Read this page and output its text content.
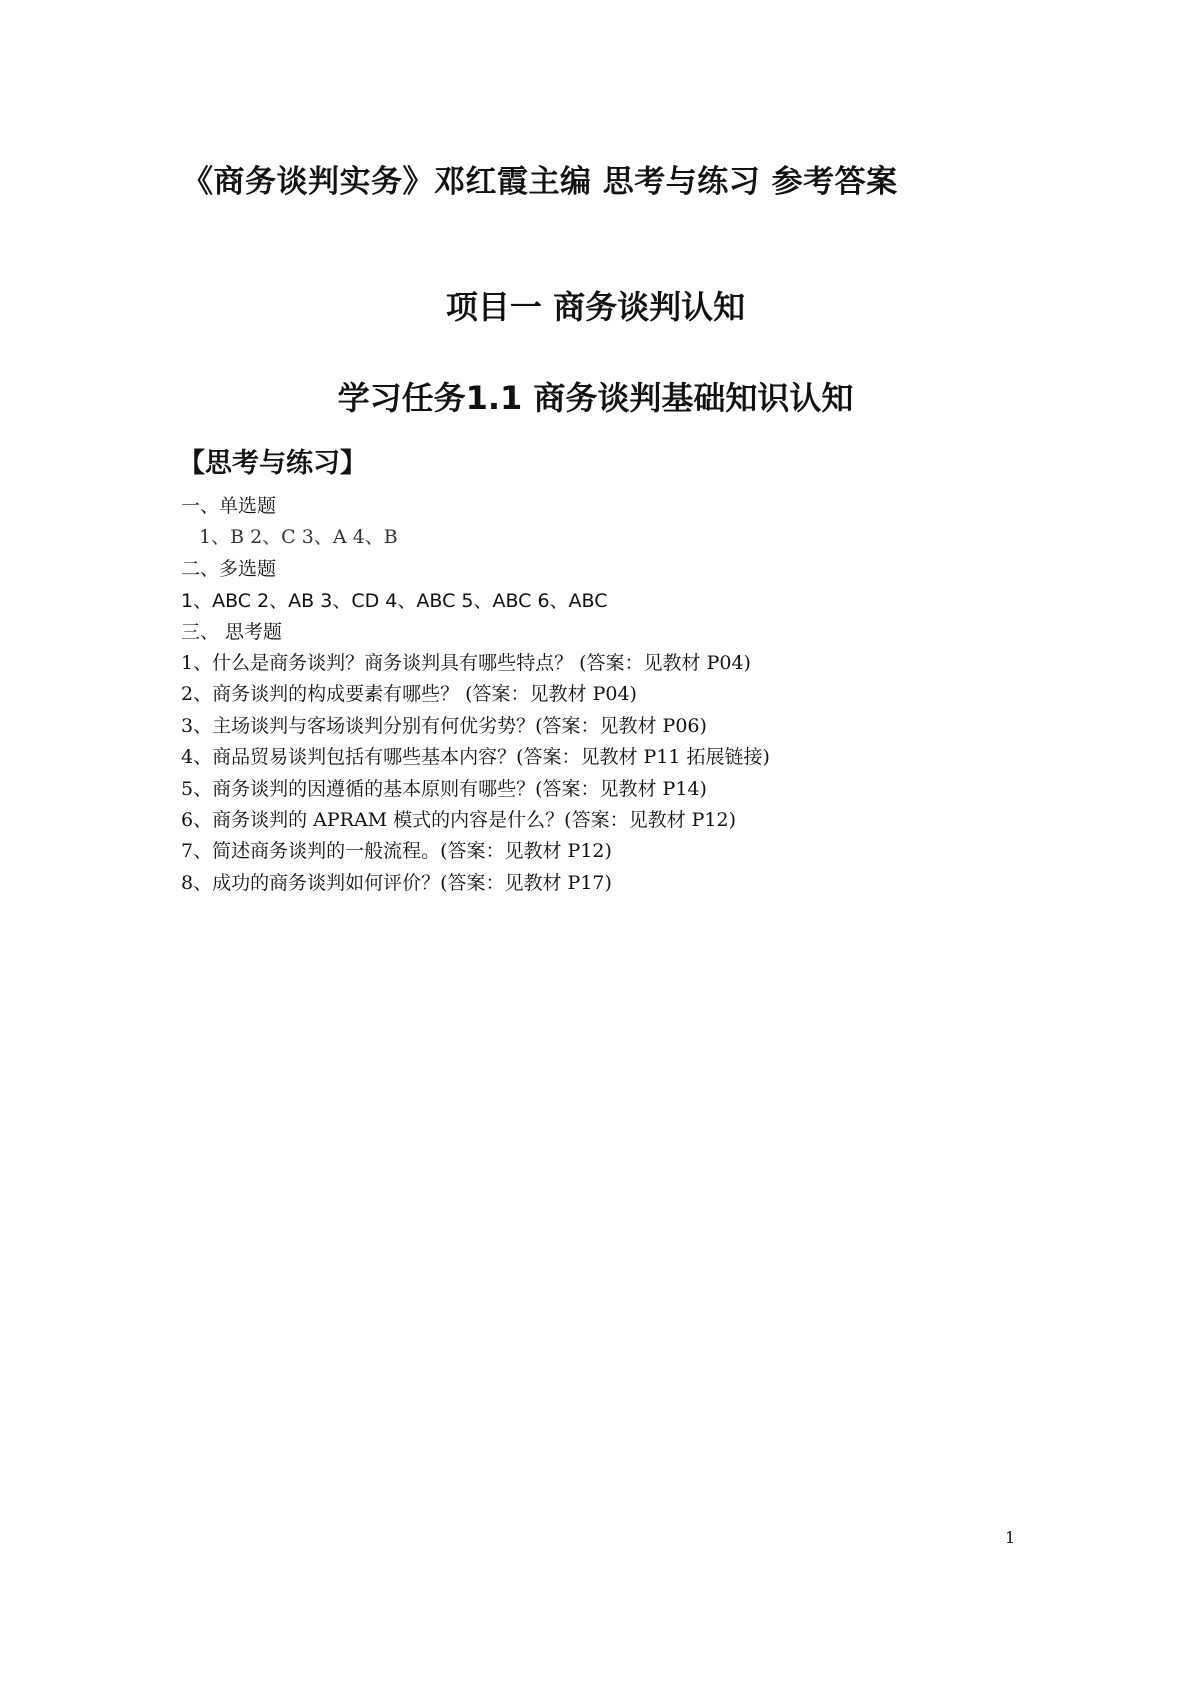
《商务谈判实务》邓红霞主编 思考与练习 参考答案
项目一 商务谈判认知
学习任务1.1 商务谈判基础知识认知
【思考与练习】
一、单选题
1、B 2、C 3、A 4、B
二、多选题
1、ABC 2、AB 3、CD 4、ABC 5、ABC 6、ABC
三、 思考题
1、什么是商务谈判？商务谈判具有哪些特点？ (答案：见教材 P04)
2、商务谈判的构成要素有哪些？ (答案：见教材 P04)
3、主场谈判与客场谈判分别有何优劣势？(答案：见教材 P06)
4、商品贸易谈判包括有哪些基本内容？(答案：见教材 P11 拓展链接)
5、商务谈判的因遵循的基本原则有哪些？(答案：见教材 P14)
6、商务谈判的 APRAM 模式的内容是什么？(答案：见教材 P12)
7、简述商务谈判的一般流程。(答案：见教材 P12)
8、成功的商务谈判如何评价？(答案：见教材 P17)
1
